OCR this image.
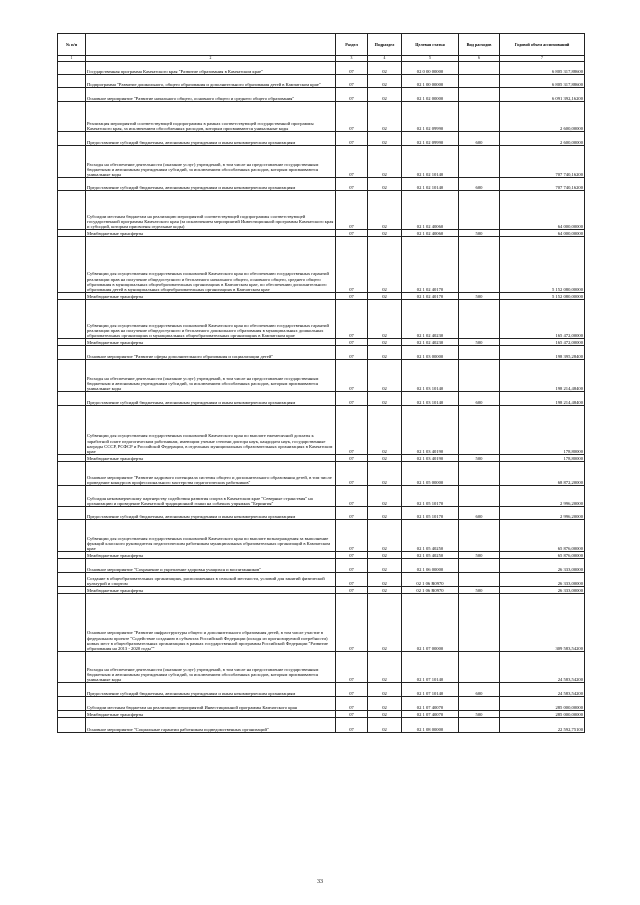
№ п/п		Раздел	Подраздел	Целевая статья	Вид расходов	Годовой объем ассигнований
1	2	3	4	5	6	7
	Государственная программа Камчатского края "Развитие образования в Камчатском крае"	07	02	02 0 00 00000		6 805 317,88600
	Подпрограмма "Развитие дошкольного, общего образования и дополнительного образования детей в Камчатском крае"	07	02	02 1 00 00000		6 805 317,88600
	Основное мероприятие "Развитие начального общего, основного общего и среднего общего образования"	07	02	02 1 02 00000		6 091 392,16200
	Реализация мероприятий соответствующей подпрограммы в рамках соответствующей государственной программы Камчатского края, за исключением обособленных расходов, которым присваиваются уникальные коды	07	02	02 1 02 09990		2 600,00000
	Предоставление субсидий бюджетным, автономным учреждениям и иным некоммерческим организациям	07	02	02 1 02 09990	600	2 600,00000
	Расходы на обеспечение деятельности (оказание услуг) учреждений, в том числе на предоставление государственным бюджетным и автономным учреждениям субсидий, за исключением обособленных расходов, которым присваиваются уникальные коды	07	02	02 1 02 10140		707 740,16200
	Предоставление субсидий бюджетным, автономным учреждениям и иным некоммерческим организациям	07	02	02 1 02 10140	600	707 740,16200
	Субсидии местным бюджетам на реализацию мероприятий соответствующей подпрограммы соответствующей государственной программы Камчатского края (за исключением мероприятий Инвестиционной программы Камчатского края и субсидий, которым присвоены отдельные коды)	07	02	02 1 02 40060		64 000,00000
	Межбюджетные трансферты	07	02	02 1 02 40060	500	64 000,00000
	Субвенции для осуществления государственных полномочий Камчатского края по обеспечению государственных гарантий реализации прав на получение общедоступного и бесплатного начального общего, основного общего, среднего общего образования в муниципальных общеобразовательных организациях в Камчатском крае, по обеспечению дополнительного образования детей в муниципальных общеобразовательных организациях в Камчатском крае	07	02	02 1 02 40170		5 152 080,00000
	Межбюджетные трансферты	07	02	02 1 02 40170	500	5 152 080,00000
	Субвенции для осуществления государственных полномочий Камчатского края по обеспечению государственных гарантий реализации прав на получение общедоступного и бесплатного дошкольного образования в муниципальных дошкольных образовательных организациях и муниципальных общеобразовательных организациях в Камчатском крае	07	02	02 1 02 40230		165 472,00000
	Межбюджетные трансферты	07	02	02 1 02 40230	500	165 472,00000
	Основное мероприятие "Развитие сферы дополнительного образования и социализации детей"	07	02	02 1 03 00000		198 395,28400
	Расходы на обеспечение деятельности (оказание услуг) учреждений, в том числе на предоставление государственным бюджетным и автономным учреждениям субсидий, за исключением обособленных расходов, которым присваиваются уникальные коды	07	02	02 1 03 10140		198 214,48400
	Предоставление субсидий бюджетным, автономным учреждениям и иным некоммерческим организациям	07	02	02 1 03 10140	600	198 214,48400
	Субвенции для осуществления государственных полномочий Камчатского края по выплате ежемесячной доплаты к заработной плате педагогическим работникам, имеющим ученые степени доктора наук, кандидата наук, государственные награды СССР, РСФСР и Российской Федерации, в отдельных муниципальных образовательных организациях в Камчатском крае	07	02	02 1 03 40190		178,80000
	Межбюджетные трансферты	07	02	02 1 03 40190	500	178,80000
	Основное мероприятие "Развитие кадрового потенциала системы общего и дополнительного образования детей, в том числе проведение конкурсов профессионального мастерства педагогических работников"	07	02	02 1 05 00000		68 872,20000
	Субсидия некоммерческому партнерству содействия развития спорта в Камчатском крае "Северные странствия" на организацию и проведение Камчатской традиционной гонки на собачьих упряжках "Берингия"	07	02	02 1 05 10170		2 996,20000
	Предоставление субсидий бюджетным, автономным учреждениям и иным некоммерческим организациям	07	02	02 1 05 10170	600	2 996,20000
	Субвенции для осуществления государственных полномочий Камчатского края по выплате вознаграждения за выполнение функций классного руководителя педагогическим работникам муниципальных образовательных организаций в Камчатском крае	07	02	02 1 05 40250		65 876,00000
	Межбюджетные трансферты	07	02	02 1 05 40250	500	65 876,00000
	Основное мероприятие "Сохранение и укрепление здоровья учащихся и воспитанников"	07	02	02 1 06 00000		26 333,00000
	Создание в общеобразовательных организациях, расположенных в сельской местности, условий для занятий физической культурой и спортом	07	02	02 1 06 R0970		26 333,00000
	Межбюджетные трансферты	07	02	02 1 06 R0970	500	26 333,00000
	Основное мероприятие "Развитие инфраструктуры общего и дополнительного образования детей, в том числе участие в федеральном проекте "Содействие созданию в субъектах Российской Федерации (исходя из прогнозируемой потребности) новых мест в общеобразовательных организациях в рамках государственной программы Российской Федерации "Развитие образования на 2013 - 2020 годы""	07	02	02 1 07 00000		309 583,54200
	Расходы на обеспечение деятельности (оказание услуг) учреждений, в том числе на предоставление государственным бюджетным и автономным учреждениям субсидий, за исключением обособленных расходов, которым присваиваются уникальные коды	07	02	02 1 07 10140		24 583,54200
	Предоставление субсидий бюджетным, автономным учреждениям и иным некоммерческим организациям	07	02	02 1 07 10140	600	24 583,54200
	Субсидии местным бюджетам на реализацию мероприятий Инвестиционной программы Камчатского края	07	02	02 1 07 40070		285 000,00000
	Межбюджетные трансферты	07	02	02 1 07 40070	500	285 000,00000
	Основное мероприятие "Социальные гарантии работникам подведомственных организаций"	07	02	02 1 08 00000		22 592,75100
33
